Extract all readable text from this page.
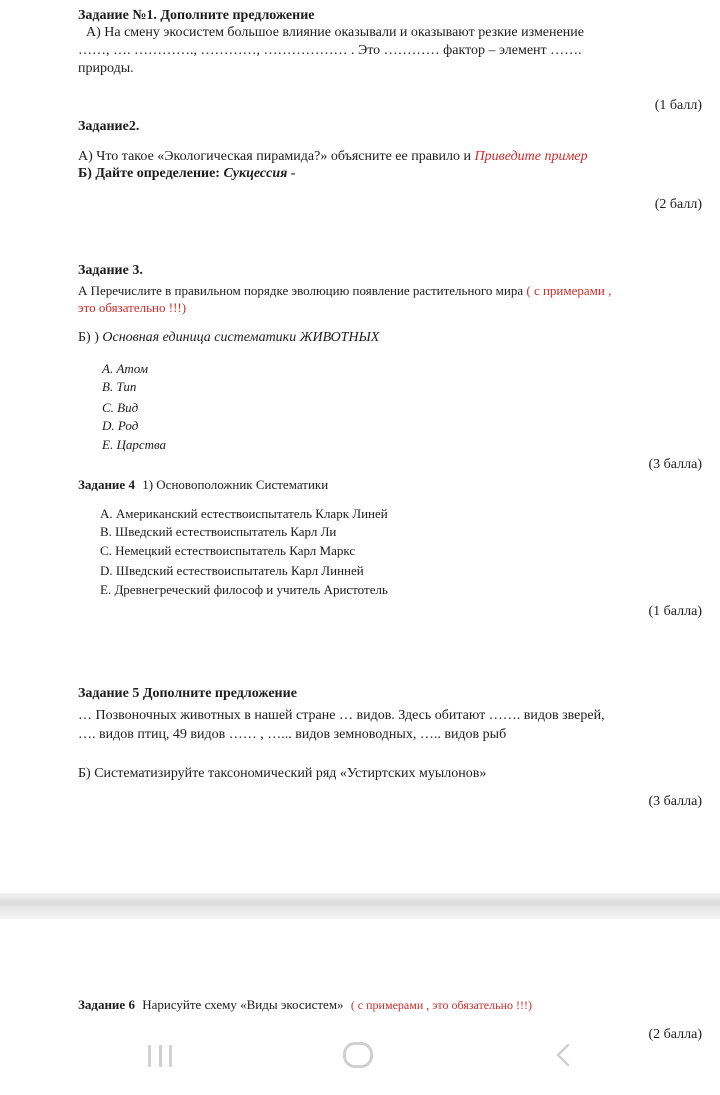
Задание №1. Дополните предложение
А) На смену экосистем большое влияние оказывали и оказывают резкие изменение
……, …. …………., …………, ……………… . Это ………… фактор – элемент …….
природы.
(1 балл)
Задание2.
А) Что такое «Экологическая пирамида?» объясните ее правило и Приведите пример
Б) Дайте определение: Сукцессия -
(2 балл)
Задание 3.
А Перечислите в правильном порядке эволюцию появление растительного мира ( с примерами ,
это обязательно !!!)
Б) ) Основная единица систематики ЖИВОТНЫХ
А. Атом
В. Тип
С. Вид
D. Род
Е. Царства
(3 балла)
Задание 4 1) Основоположник Систематики
А. Американский естествоиспытатель Кларк Линей
В. Шведский естествоиспытатель Карл Ли
С. Немецкий естествоиспытатель Карл Маркс
D. Шведский естествоиспытатель Карл Линней
Е. Древнегреческий философ и учитель Аристотель
(1 балла)
Задание 5 Дополните предложение
… Позвоночных животных в нашей стране … видов. Здесь обитают ……. видов зверей,
…. видов птиц, 49 видов …… , …... видов земноводных, ….. видов рыб
Б) Систематизируйте таксономический ряд «Устиртских муылонов»
(3 балла)
Задание 6 Нарисуйте схему «Виды экосистем» ( с примерами , это обязательно !!!)
(2 балла)
